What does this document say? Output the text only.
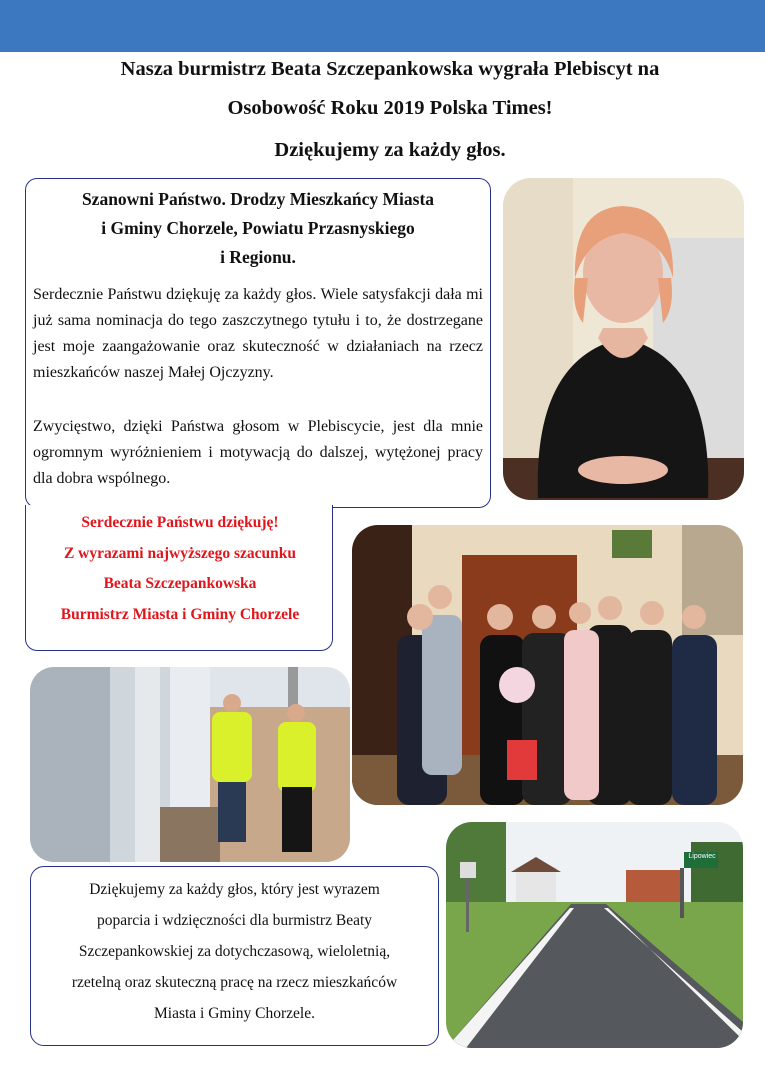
Nasza burmistrz Beata Szczepankowska wygrała Plebiscyt na
Osobowość Roku 2019 Polska Times!
Dziękujemy za każdy głos.
Szanowni Państwo. Drodzy Mieszkańcy Miasta
i Gminy Chorzele, Powiatu Przasnyskiego
i Regionu.

Serdecznie Państwu dziękuję za każdy głos. Wiele satysfakcji dała mi już sama nominacja do tego zaszczytnego tytułu i to, że dostrzegane jest moje zaangażowanie oraz skuteczność w działaniach na rzecz mieszkańców naszej Małej Ojczyzny.

Zwycięstwo, dzięki Państwa głosom w Plebiscycie, jest dla mnie ogromnym wyróżnieniem i motywacją do dalszej, wytężonej pracy dla dobra wspólnego.

Serdecznie Państwu dziękuję!

Z wyrazami najwyższego szacunku

Beata Szczepankowska

Burmistrz Miasta i Gminy Chorzele

Dziękujemy za każdy głos, który jest wyrazem
poparcia i wdzięczności dla burmistrz Beaty
Szczepankowskiej za dotychczasową, wieloletnią,
rzetelną oraz skuteczną pracę na rzecz mieszkańców
Miasta i Gminy Chorzele.
Lipowiec
